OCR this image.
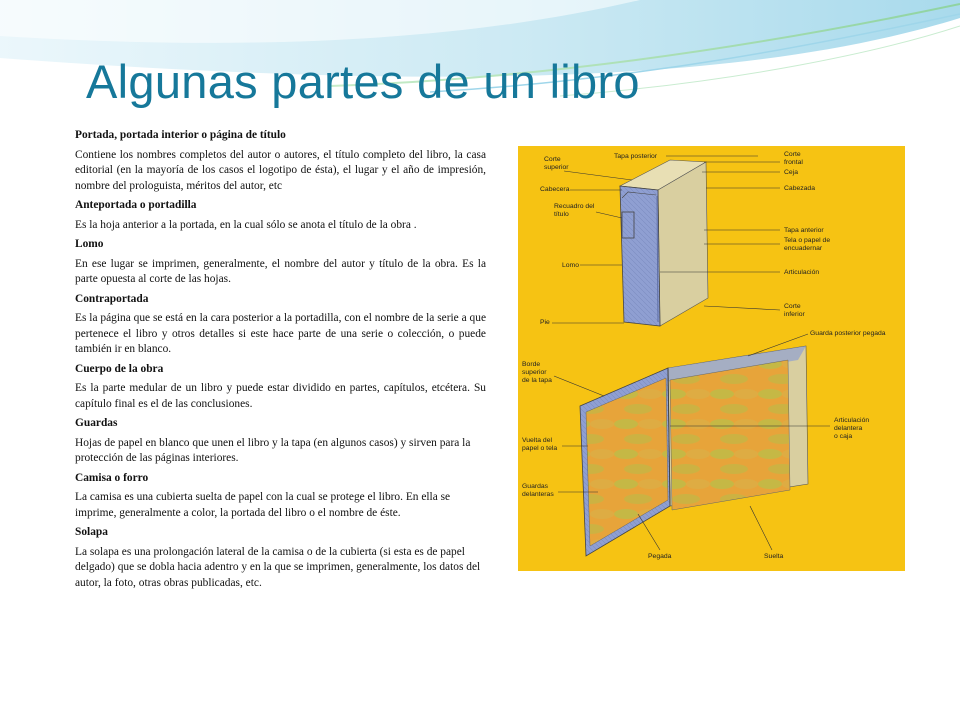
Algunas partes de un libro

Portada, portada interior o página de título

Contiene los nombres completos del autor o autores, el título completo del libro, la casa editorial (en la mayoría de los casos el logotipo de ésta), el lugar y el año de impresión, nombre del prologuista, méritos del autor, etc

Anteportada o portadilla

Es la hoja anterior a la portada, en la cual sólo se anota el título de la obra .

Lomo

En ese lugar se imprimen, generalmente, el nombre del autor y título de la obra. Es la parte opuesta al corte de las hojas.

Contraportada

Es la página que se está en la cara posterior a la portadilla, con el nombre de la serie a que pertenece el libro y otros detalles si este hace parte de una serie o colección, o puede también ir en blanco.

Cuerpo de la obra

Es la parte medular de un libro y puede estar dividido en partes, capítulos, etcétera. Su capítulo final es el de las conclusiones.

Guardas

Hojas de papel en blanco que unen el libro y la tapa (en algunos casos) y sirven para la protección de las páginas interiores.

Camisa o forro

La camisa es una cubierta suelta de papel con la cual se protege el libro. En ella se imprime, generalmente a color, la portada del libro o el nombre de éste.

Solapa

La solapa es una prolongación lateral de la camisa o de la cubierta (si esta es de papel delgado) que se dobla hacia adentro y en la que se imprimen, generalmente, los datos del autor, la foto, otras obras publicadas, etc.

Corte
superior
Tapa posterior	Corte
frontal
Ceja
Cabecera	Cabezada
Recuadro del
título
Tapa anterior
Tela o papel de
encuadernar
Lomo
Articulación
Corte
inferior
Pie
Guarda posterior pegada
Borde
superior
de la tapa
Articulación
delantera
o caja
Vuelta del
papel o tela
Guardas
delanteras
Pegada	Suelta
